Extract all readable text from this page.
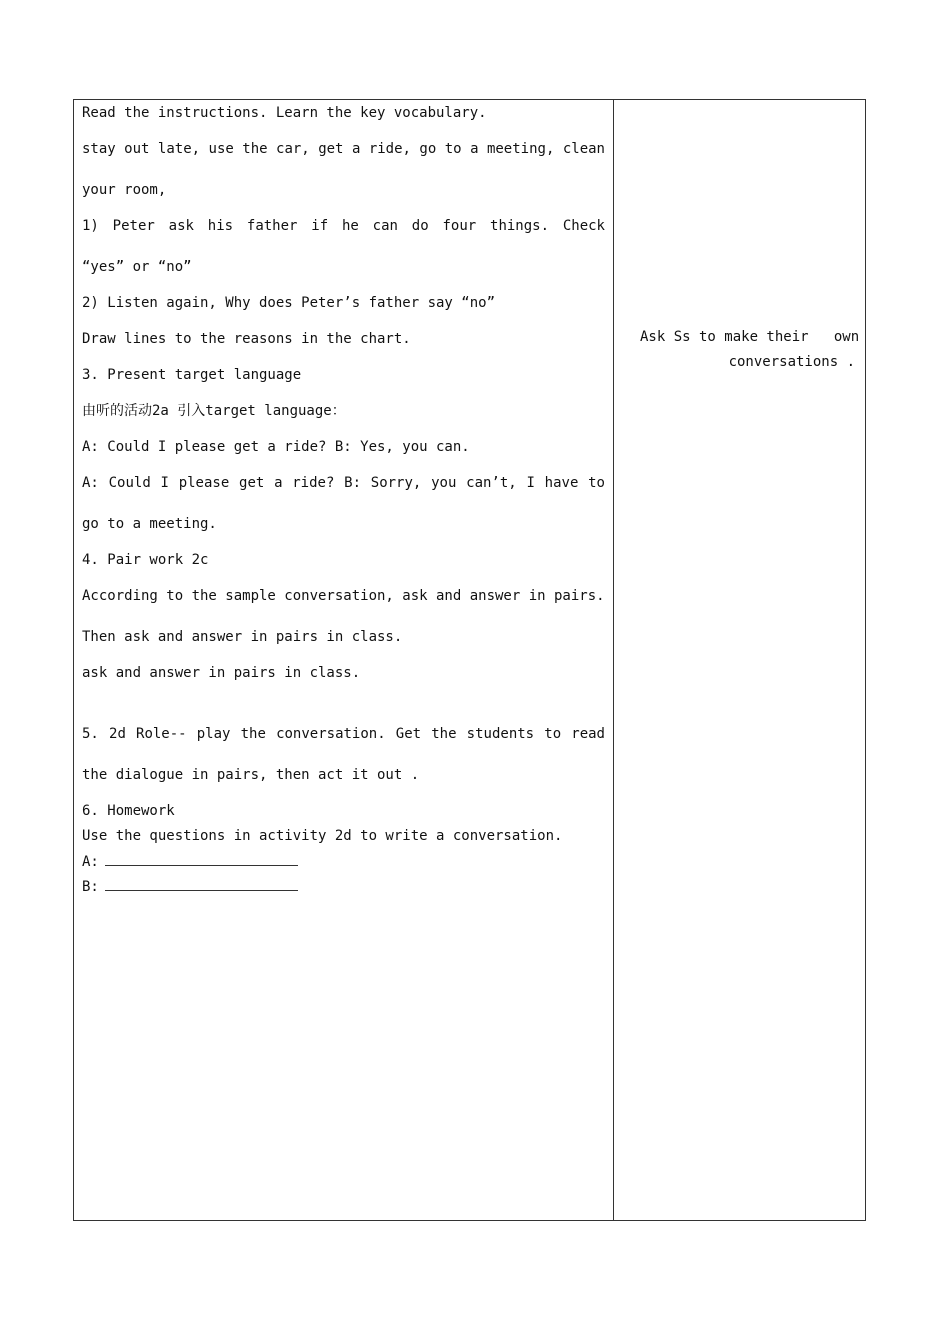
Read the instructions. Learn the key vocabulary.
stay out late, use the car, get a ride, go to a meeting, clean
your room,
1) Peter ask his father if he can do four things. Check
“yes” or “no”
2) Listen again, Why does Peter’s father say “no”
Draw lines to the reasons in the chart.
3. Present target language
由听的活动2a 引入target language：
A: Could I please get a ride? B: Yes, you can.
A: Could I please get a ride? B: Sorry, you can’t, I have to
go to a meeting.
4. Pair work 2c
According to the sample conversation, ask and answer in pairs.
Then ask and answer in pairs in class.
ask and answer in pairs in class.
5. 2d Role-- play the conversation. Get the students to read
the dialogue in pairs, then act it out .
6. Homework
Use the questions in activity 2d to write a conversation.
A:
B:
Ask Ss to make their   own
conversations .
